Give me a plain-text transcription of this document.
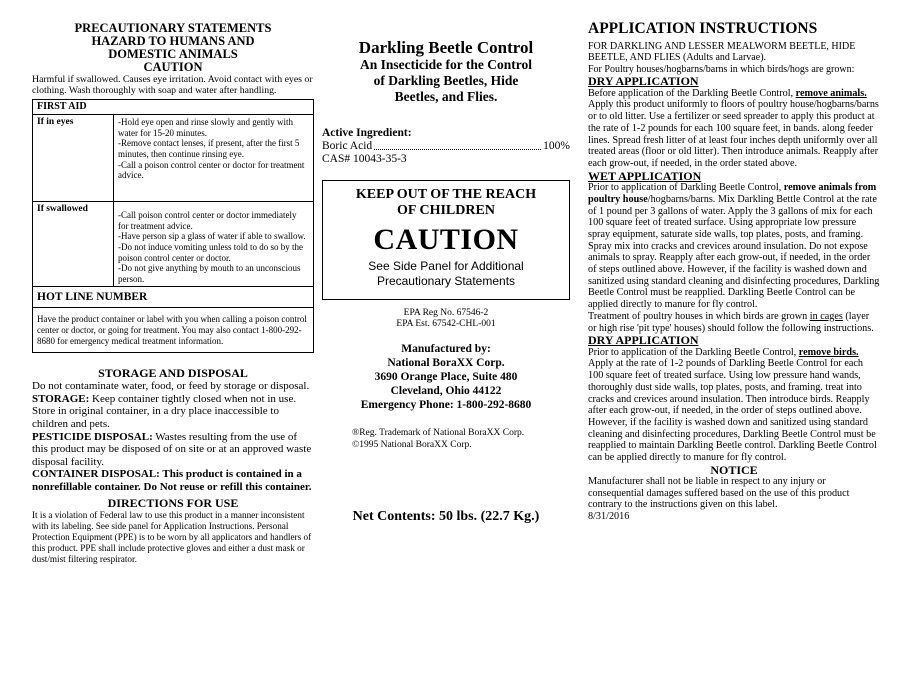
PRECAUTIONARY STATEMENTS
HAZARD TO HUMANS AND
DOMESTIC ANIMALS
CAUTION

Harmful if swallowed. Causes eye irritation. Avoid contact with eyes or clothing. Wash thoroughly with soap and water after handling.

FIRST AID	
If in eyes	-Hold eye open and rinse slowly and gently with water for 15-20 minutes.
-Remove contact lenses, if present, after the first 5 minutes, then continue rinsing eye.
-Call a poison control center or doctor for treatment advice.

If swallowed	-Call poison control center or doctor immediately for treatment advice.
-Have person sip a glass of water if able to swallow.
-Do not induce vomiting unless told to do so by the poison control center or doctor.
-Do not give anything by mouth to an unconscious person.
HOT LINE NUMBER
Have the product container or label with you when calling a poison control center or doctor, or going for treatment. You may also contact 1-800-292-8680 for emergency medical treatment information.

STORAGE AND DISPOSAL

Do not contaminate water, food, or feed by storage or disposal.

STORAGE: Keep container tightly closed when not in use. Store in original container, in a dry place inaccessible to children and pets.

PESTICIDE DISPOSAL: Wastes resulting from the use of this product may be disposed of on site or at an approved waste disposal facility.

CONTAINER DISPOSAL: This product is contained in a nonrefillable container. Do Not reuse or refill this container.

DIRECTIONS FOR USE

It is a violation of Federal law to use this product in a manner inconsistent with its labeling. See side panel for Application Instructions. Personal Protection Equipment (PPE) is to be worn by all applicators and handlers of this product. PPE shall include protective gloves and either a dust mask or dust/mist filtering respirator.

Darkling Beetle Control
An Insecticide for the Control
of Darkling Beetles, Hide
Beetles, and Flies.
Active Ingredient:
Boric Acid	100%
CAS# 10043-35-3
KEEP OUT OF THE REACH
OF CHILDREN
CAUTION
See Side Panel for Additional
Precautionary Statements
EPA Reg No. 67546-2
EPA Est. 67542-CHL-001
Manufactured by:
National BoraXX Corp.
3690 Orange Place, Suite 480
Cleveland, Ohio 44122
Emergency Phone: 1-800-292-8680
®Reg. Trademark of National BoraXX Corp.
©1995 National BoraXX Corp.
Net Contents: 50 lbs. (22.7 Kg.)
APPLICATION INSTRUCTIONS

FOR DARKLING AND LESSER MEALWORM BEETLE, HIDE BEETLE, AND FLIES (Adults and Larvae).

For Poultry houses/hogbarns/barns in which birds/hogs are grown:

DRY APPLICATION

Before application of the Darkling Beetle Control, remove animals. Apply this product uniformly to floors of poultry house/hogbarns/barns or to old litter. Use a fertilizer or seed spreader to apply this product at the rate of 1-2 pounds for each 100 square feet, in bands. along feeder lines. Spread fresh litter of at least four inches depth uniformly over all treated areas (floor or old litter). Then introduce animals. Reapply after each grow-out, if needed, in the order stated above.

WET APPLICATION

Prior to application of Darkling Beetle Control, remove animals from poultry house/hogbarns/barns. Mix Darkling Bettle Control at the rate of 1 pound per 3 gallons of water. Apply the 3 gallons of mix for each 100 square feet of treated surface. Using appropriate low pressure spray equipment, saturate side walls, top plates, posts, and framing. Spray mix into cracks and crevices around insulation. Do not expose animals to spray. Reapply after each grow-out, if needed, in the order of steps outlined above. However, if the facility is washed down and sanitized using standard cleaning and disinfecting procedures, Darkling Beetle Control must be reapplied. Darkling Beetle Control can be applied directly to manure for fly control.

Treatment of poultry houses in which birds are grown in cages (layer or high rise 'pit type' houses) should follow the following instructions.

DRY APPLICATION

Prior to application of the Darkling Beetle Control, remove birds. Apply at the rate of 1-2 pounds of Darkling Beetle Control for each 100 square feet of treated surface. Using low pressure hand wands, thoroughly dust side walls, top plates, posts, and framing. treat into cracks and crevices around insulation. Then introduce birds. Reapply after each grow-out, if needed, in the order of steps outlined above. However, if the facility is washed down and sanitized using standard cleaning and disinfecting procedures, Darkling Beetle Control must be reapplied to maintain Darkling Beetle control. Darkling Beetle Control can be applied directly to manure for fly control.

NOTICE

Manufacturer shall not be liable in respect to any injury or consequential damages suffered based on the use of this product contrary to the instructions given on this label.

8/31/2016
